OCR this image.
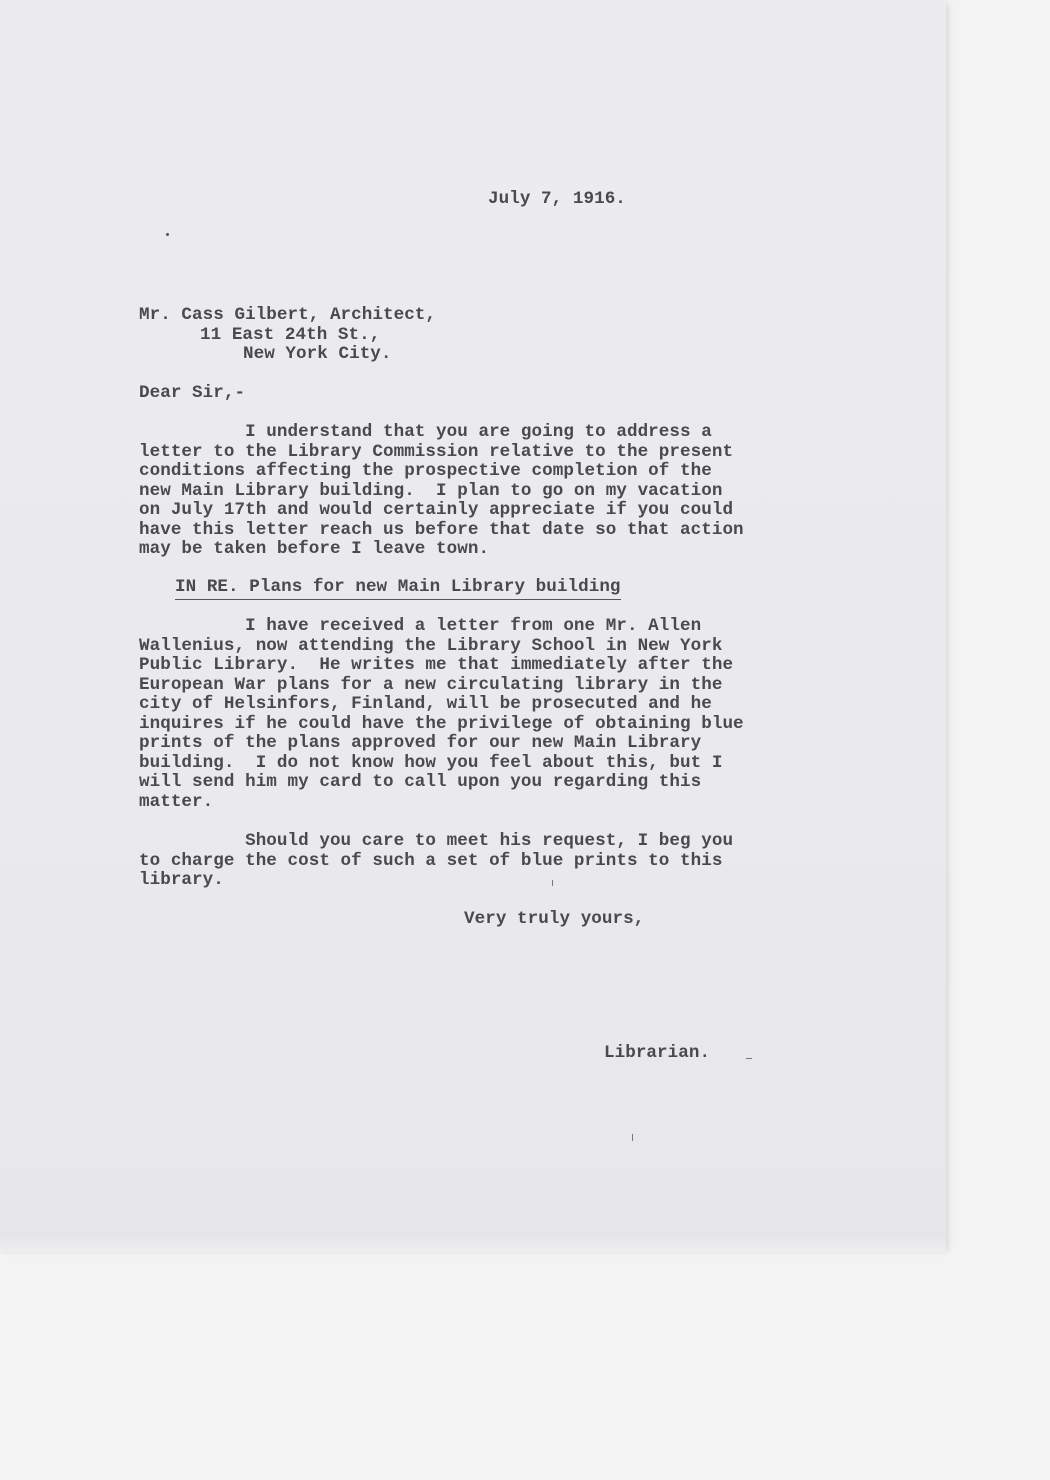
July 7, 1916.
Mr. Cass Gilbert, Architect,
11 East 24th St.,
New York City.
Dear Sir,-
I understand that you are going to address a
letter to the Library Commission relative to the present
conditions affecting the prospective completion of the
new Main Library building.  I plan to go on my vacation
on July 17th and would certainly appreciate if you could
have this letter reach us before that date so that action
may be taken before I leave town.
IN RE. Plans for new Main Library building
I have received a letter from one Mr. Allen
Wallenius, now attending the Library School in New York
Public Library.  He writes me that immediately after the
European War plans for a new circulating library in the
city of Helsinfors, Finland, will be prosecuted and he
inquires if he could have the privilege of obtaining blue
prints of the plans approved for our new Main Library
building.  I do not know how you feel about this, but I
will send him my card to call upon you regarding this
matter.
Should you care to meet his request, I beg you
to charge the cost of such a set of blue prints to this
library.
Very truly yours,
Librarian.
